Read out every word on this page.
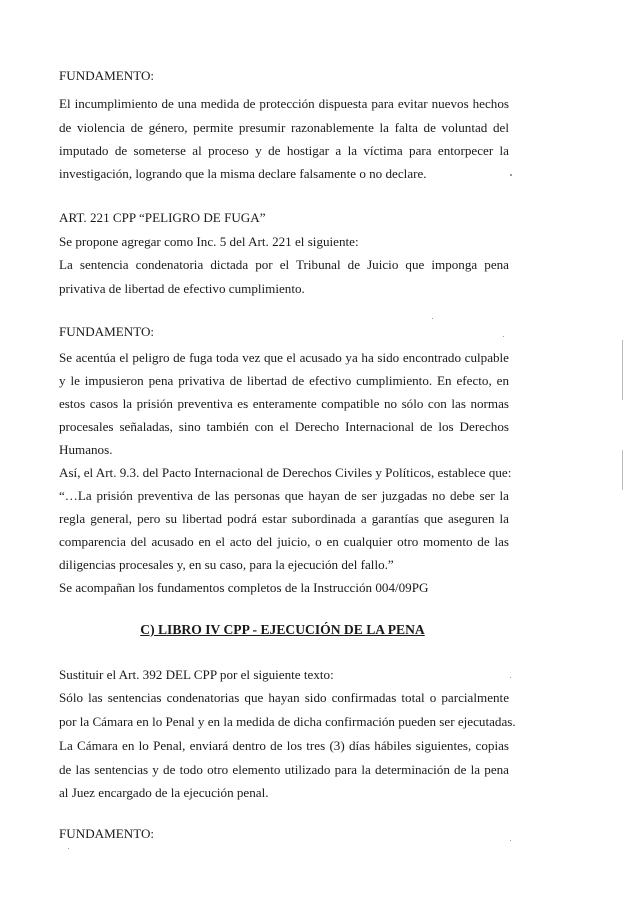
FUNDAMENTO:
El incumplimiento de una medida de protección dispuesta para evitar nuevos hechos
de violencia de género, permite presumir razonablemente la falta de voluntad del
imputado de someterse al proceso y de hostigar a la víctima para entorpecer la
investigación, logrando que la misma declare falsamente o no declare.
ART. 221 CPP “PELIGRO DE FUGA”
Se propone agregar como Inc. 5 del Art. 221 el siguiente:
La sentencia condenatoria dictada por el Tribunal de Juicio que imponga pena
privativa de libertad de efectivo cumplimiento.
FUNDAMENTO:
Se acentúa el peligro de fuga toda vez que el acusado ya ha sido encontrado culpable
y le impusieron pena privativa de libertad de efectivo cumplimiento. En efecto, en
estos casos la prisión preventiva es enteramente compatible no sólo con las normas
procesales señaladas, sino también con el Derecho Internacional de los Derechos
Humanos.
Así, el Art. 9.3. del Pacto Internacional de Derechos Civiles y Políticos, establece que:
“…La prisión preventiva de las personas que hayan de ser juzgadas no debe ser la
regla general, pero su libertad podrá estar subordinada a garantías que aseguren la
comparencia del acusado en el acto del juicio, o en cualquier otro momento de las
diligencias procesales y, en su caso, para la ejecución del fallo.”
Se acompañan los fundamentos completos de la Instrucción 004/09PG
C) LIBRO IV CPP - EJECUCIÓN DE LA PENA
Sustituir el Art. 392 DEL CPP por el siguiente texto:
Sólo las sentencias condenatorias que hayan sido confirmadas total o parcialmente
por la Cámara en lo Penal y en la medida de dicha confirmación pueden ser ejecutadas.
La Cámara en lo Penal, enviará dentro de los tres (3) días hábiles siguientes, copias
de las sentencias y de todo otro elemento utilizado para la determinación de la pena
al Juez encargado de la ejecución penal.
FUNDAMENTO:
